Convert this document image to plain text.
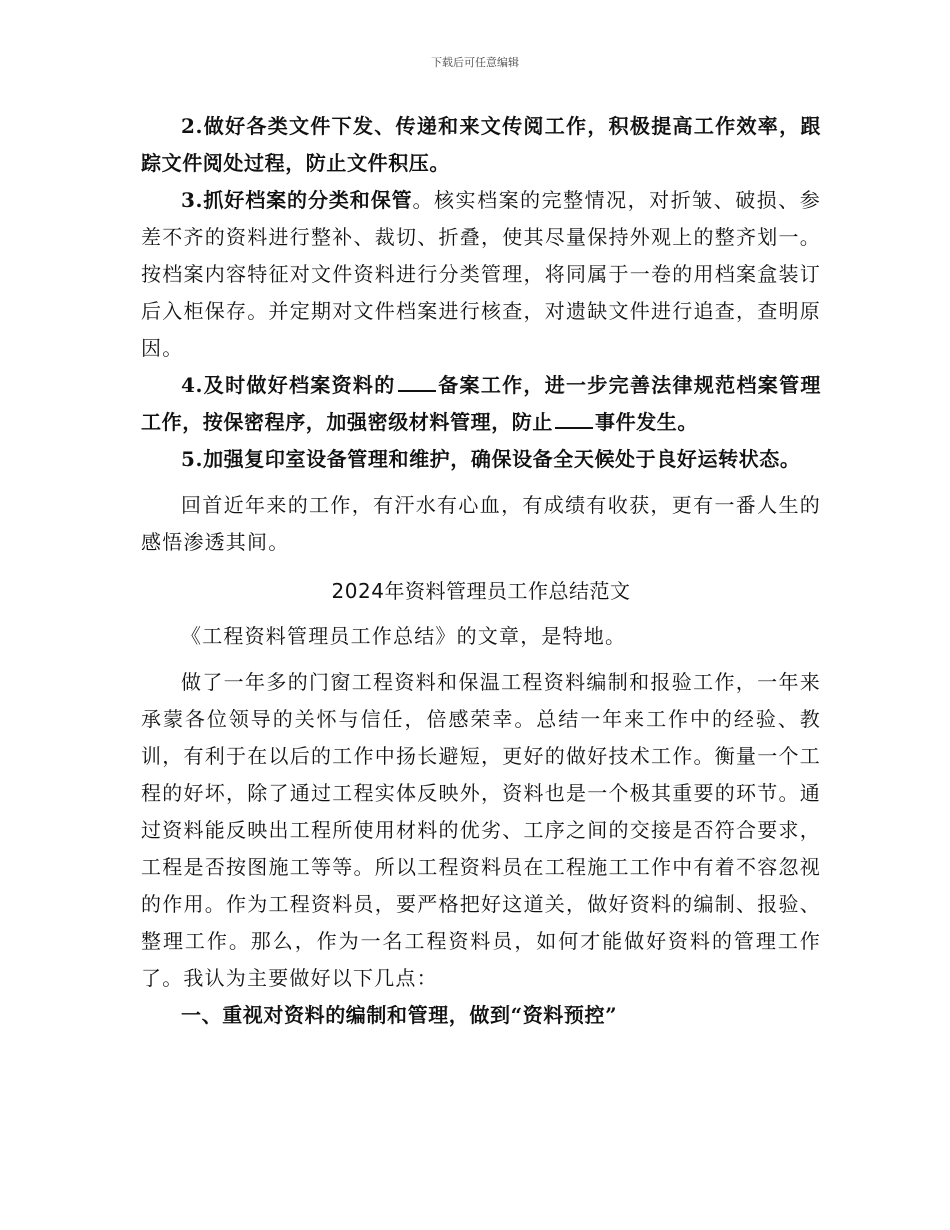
下载后可任意编辑

2.做好各类文件下发、传递和来文传阅工作，积极提高工作效率，跟踪文件阅处过程，防止文件积压。

3.抓好档案的分类和保管。核实档案的完整情况，对折皱、破损、参差不齐的资料进行整补、裁切、折叠，使其尽量保持外观上的整齐划一。按档案内容特征对文件资料进行分类管理，将同属于一卷的用档案盒装订后入柜保存。并定期对文件档案进行核查，对遗缺文件进行追查，查明原因。

4.及时做好档案资料的 备案工作，进一步完善法律规范档案管理工作，按保密程序，加强密级材料管理，防止 事件发生。

5.加强复印室设备管理和维护，确保设备全天候处于良好运转状态。

回首近年来的工作，有汗水有心血，有成绩有收获，更有一番人生的感悟渗透其间。

2024年资料管理员工作总结范文

《工程资料管理员工作总结》的文章，是特地。

做了一年多的门窗工程资料和保温工程资料编制和报验工作，一年来承蒙各位领导的关怀与信任，倍感荣幸。总结一年来工作中的经验、教训，有利于在以后的工作中扬长避短，更好的做好技术工作。衡量一个工程的好坏，除了通过工程实体反映外，资料也是一个极其重要的环节。通过资料能反映出工程所使用材料的优劣、工序之间的交接是否符合要求，工程是否按图施工等等。所以工程资料员在工程施工工作中有着不容忽视的作用。作为工程资料员，要严格把好这道关，做好资料的编制、报验、整理工作。那么，作为一名工程资料员，如何才能做好资料的管理工作了。我认为主要做好以下几点：

一、重视对资料的编制和管理，做到“资料预控”
